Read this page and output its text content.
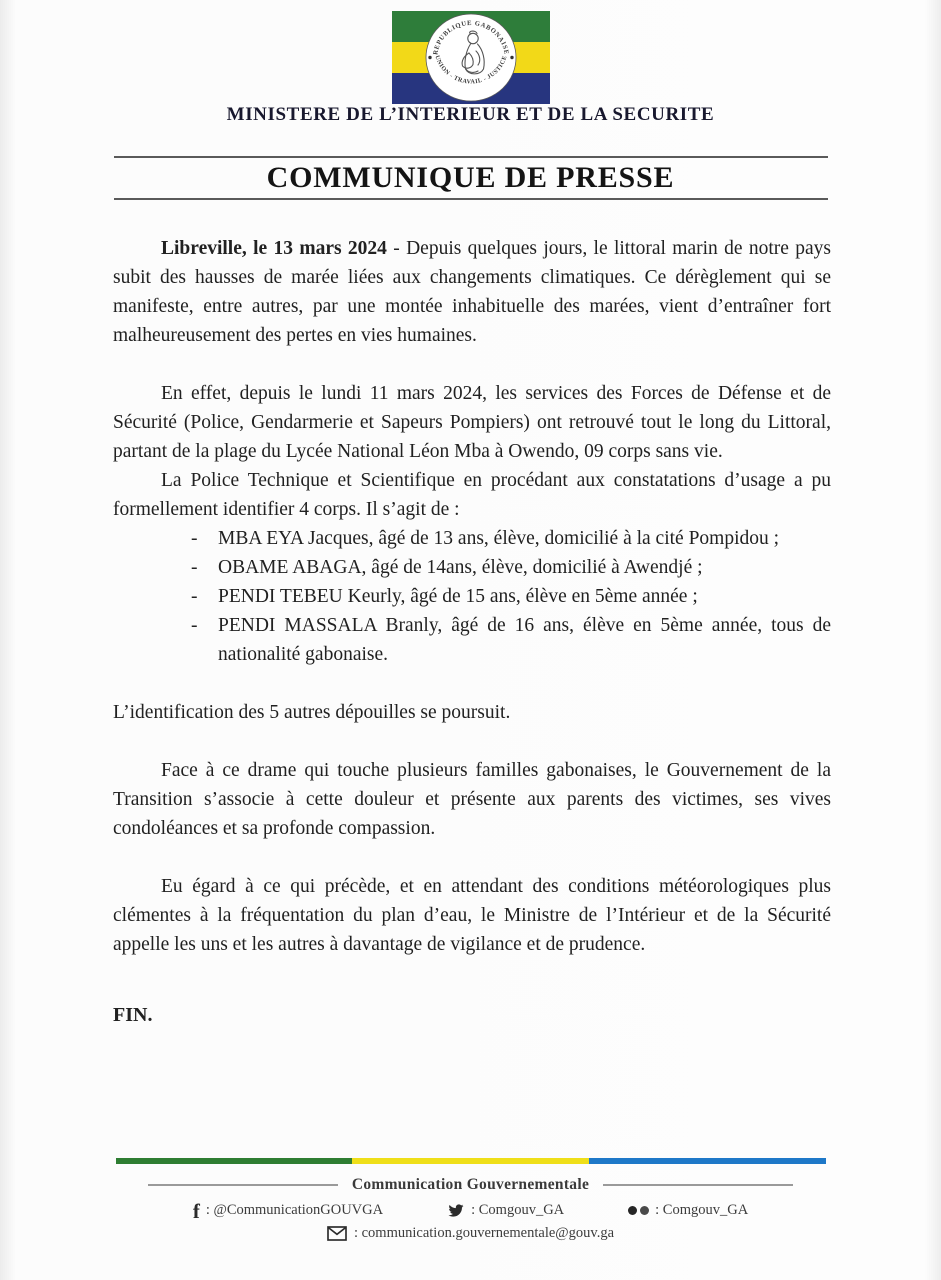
REPUBLIQUE GABONAISE
UNION - TRAVAIL - JUSTICE
MINISTERE DE L’INTERIEUR ET DE LA SECURITE
COMMUNIQUE DE PRESSE

Libreville, le 13 mars 2024 - Depuis quelques jours, le littoral marin de notre pays subit des hausses de marée liées aux changements climatiques. Ce dérèglement qui se manifeste, entre autres, par une montée inhabituelle des marées, vient d’entraîner fort malheureusement des pertes en vies humaines.

En effet, depuis le lundi 11 mars 2024, les services des Forces de Défense et de Sécurité (Police, Gendarmerie et Sapeurs Pompiers) ont retrouvé tout le long du Littoral, partant de la plage du Lycée National Léon Mba à Owendo, 09 corps sans vie.

La Police Technique et Scientifique en procédant aux constatations d’usage a pu formellement identifier 4 corps. Il s’agit de :

- MBA EYA Jacques, âgé de 13 ans, élève, domicilié à la cité Pompidou ;
- OBAME ABAGA, âgé de 14ans, élève, domicilié à Awendjé ;
- PENDI TEBEU Keurly, âgé de 15 ans, élève en 5ème année ;
- PENDI MASSALA Branly, âgé de 16 ans, élève en 5ème année, tous de nationalité gabonaise.

L’identification des 5 autres dépouilles se poursuit.

Face à ce drame qui touche plusieurs familles gabonaises, le Gouvernement de la Transition s’associe à cette douleur et présente aux parents des victimes, ses vives condoléances et sa profonde compassion.

Eu égard à ce qui précède, et en attendant des conditions météorologiques plus clémentes à la fréquentation du plan d’eau, le Ministre de l’Intérieur et de la Sécurité appelle les uns et les autres à davantage de vigilance et de prudence.

FIN.

Communication Gouvernementale
f : @CommunicationGOUVGA	: Comgouv_GA	: Comgouv_GA
: communication.gouvernementale@gouv.ga
